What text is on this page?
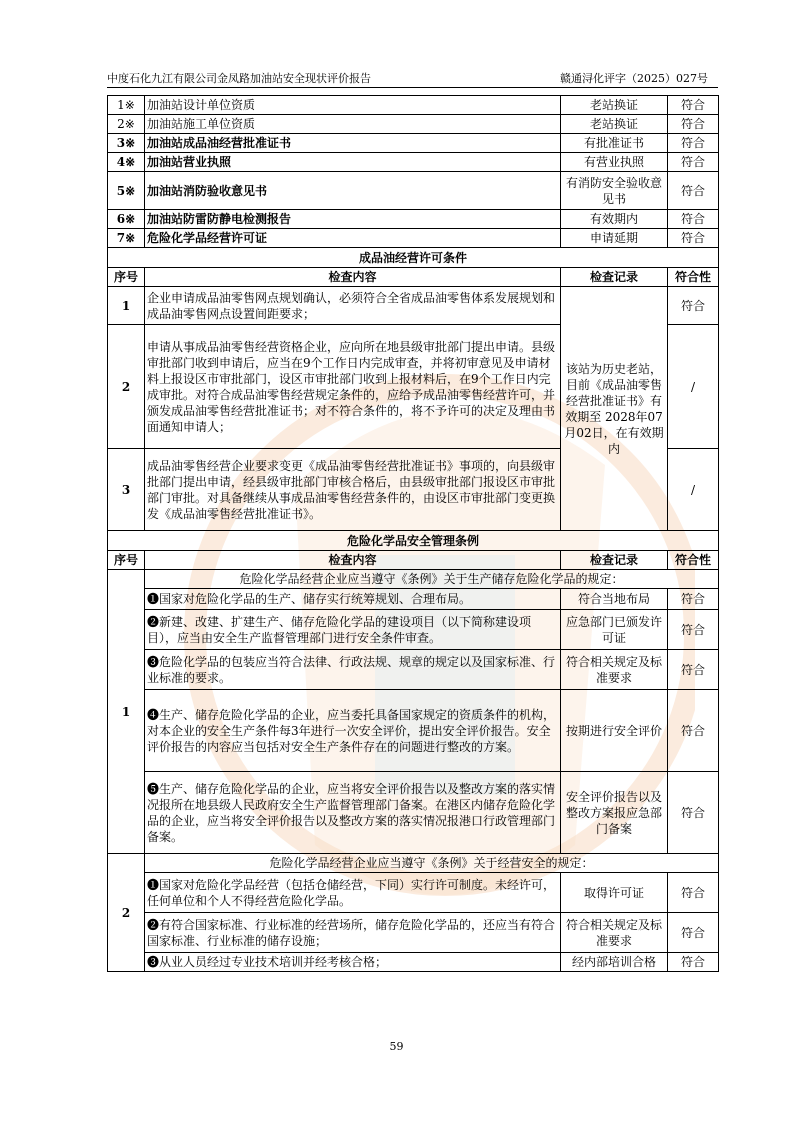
中度石化九江有限公司金凤路加油站安全现状评价报告	赣通浔化评字（2025）027号
1※	加油站设计单位资质	老站换证	符合
2※	加油站施工单位资质	老站换证	符合
3※	加油站成品油经营批准证书	有批准证书	符合
4※	加油站营业执照	有营业执照	符合
5※	加油站消防验收意见书	有消防安全验收意见书	符合
6※	加油站防雷防静电检测报告	有效期内	符合
7※	危险化学品经营许可证	申请延期	符合
成品油经营许可条件			
序号	检查内容	检查记录	符合性
1	企业申请成品油零售网点规划确认，必须符合全省成品油零售体系发展规划和成品油零售网点设置间距要求；	该站为历史老站，目前《成品油零售经营批准证书》有效期至 2028年07月02日，在有效期内	符合
2	申请从事成品油零售经营资格企业，应向所在地县级审批部门提出申请。县级审批部门收到申请后，应当在9个工作日内完成审查，并将初审意见及申请材料上报设区市审批部门，设区市审批部门收到上报材料后，在9个工作日内完成审批。对符合成品油零售经营规定条件的，应给予成品油零售经营许可，并颁发成品油零售经营批准证书；对不符合条件的，将不予许可的决定及理由书面通知申请人；		/
3	成品油零售经营企业要求变更《成品油零售经营批准证书》事项的，向县级审批部门提出申请，经县级审批部门审核合格后，由县级审批部门报设区市审批部门审批。对具备继续从事成品油零售经营条件的，由设区市审批部门变更换发《成品油零售经营批准证书》。		/
危险化学品安全管理条例			
序号	检查内容	检查记录	符合性
1	危险化学品经营企业应当遵守《条例》关于生产储存危险化学品的规定：		
	❶国家对危险化学品的生产、储存实行统筹规划、合理布局。	符合当地布局	符合
	❷新建、改建、扩建生产、储存危险化学品的建设项目（以下简称建设项目），应当由安全生产监督管理部门进行安全条件审查。	应急部门已颁发许可证	符合
	❸危险化学品的包装应当符合法律、行政法规、规章的规定以及国家标准、行业标准的要求。	符合相关规定及标准要求	符合
	❹生产、储存危险化学品的企业，应当委托具备国家规定的资质条件的机构，对本企业的安全生产条件每3年进行一次安全评价，提出安全评价报告。安全评价报告的内容应当包括对安全生产条件存在的问题进行整改的方案。	按期进行安全评价	符合
	❺生产、储存危险化学品的企业，应当将安全评价报告以及整改方案的落实情况报所在地县级人民政府安全生产监督管理部门备案。在港区内储存危险化学品的企业，应当将安全评价报告以及整改方案的落实情况报港口行政管理部门备案。	安全评价报告以及整改方案报应急部门备案	符合
2	危险化学品经营企业应当遵守《条例》关于经营安全的规定：		
	❶国家对危险化学品经营（包括仓储经营，下同）实行许可制度。未经许可，任何单位和个人不得经营危险化学品。	取得许可证	符合
	❷有符合国家标准、行业标准的经营场所，储存危险化学品的，还应当有符合国家标准、行业标准的储存设施；	符合相关规定及标准要求	符合
	❸从业人员经过专业技术培训并经考核合格；	经内部培训合格	符合
59
